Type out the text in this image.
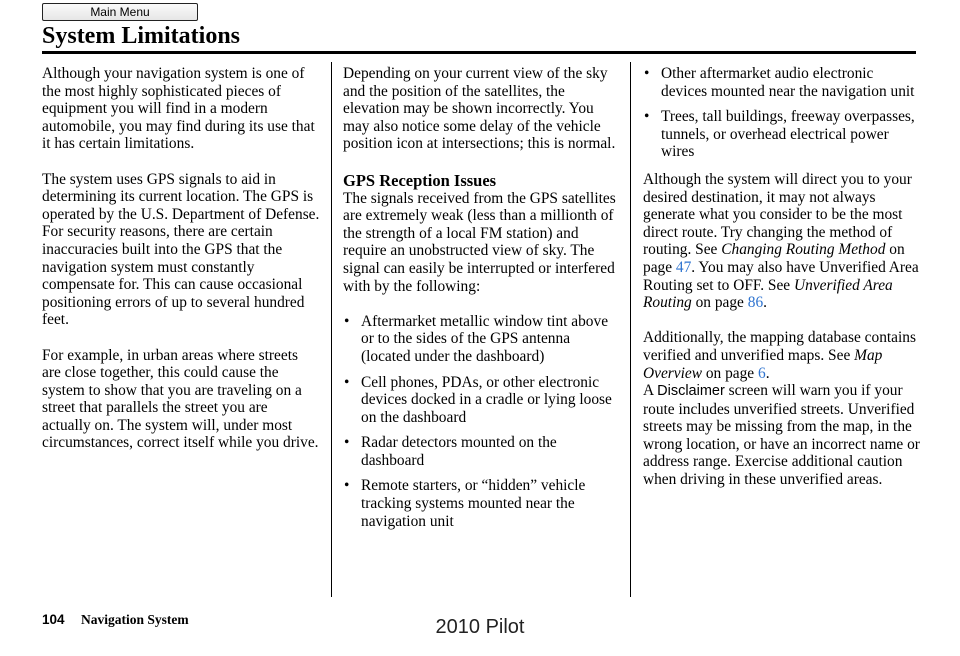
Main Menu
System Limitations

Although your navigation system is one of the most highly sophisticated pieces of equipment you will find in a modern automobile, you may find during its use that it has certain limitations.

The system uses GPS signals to aid in determining its current location. The GPS is operated by the U.S. Department of Defense. For security reasons, there are certain inaccuracies built into the GPS that the navigation system must constantly compensate for. This can cause occasional positioning errors of up to several hundred feet.

For example, in urban areas where streets are close together, this could cause the system to show that you are traveling on a street that parallels the street you are actually on. The system will, under most circumstances, correct itself while you drive.

Depending on your current view of the sky and the position of the satellites, the elevation may be shown incorrectly. You may also notice some delay of the vehicle position icon at intersections; this is normal.

GPS Reception Issues

The signals received from the GPS satellites are extremely weak (less than a millionth of the strength of a local FM station) and require an unobstructed view of sky. The signal can easily be interrupted or interfered with by the following:

• Aftermarket metallic window tint above or to the sides of the GPS antenna (located under the dashboard)
• Cell phones, PDAs, or other electronic devices docked in a cradle or lying loose on the dashboard
• Radar detectors mounted on the dashboard
• Remote starters, or “hidden” vehicle tracking systems mounted near the navigation unit
• Other aftermarket audio electronic devices mounted near the navigation unit
• Trees, tall buildings, freeway overpasses, tunnels, or overhead electrical power wires

Although the system will direct you to your desired destination, it may not always generate what you consider to be the most direct route. Try changing the method of routing. See Changing Routing Method on page 47. You may also have Unverified Area Routing set to OFF. See Unverified Area Routing on page 86.

Additionally, the mapping database contains verified and unverified maps. See Map Overview on page 6.

A Disclaimer screen will warn you if your route includes unverified streets. Unverified streets may be missing from the map, in the wrong location, or have an incorrect name or address range. Exercise additional caution when driving in these unverified areas.

104 Navigation System	2010 Pilot
